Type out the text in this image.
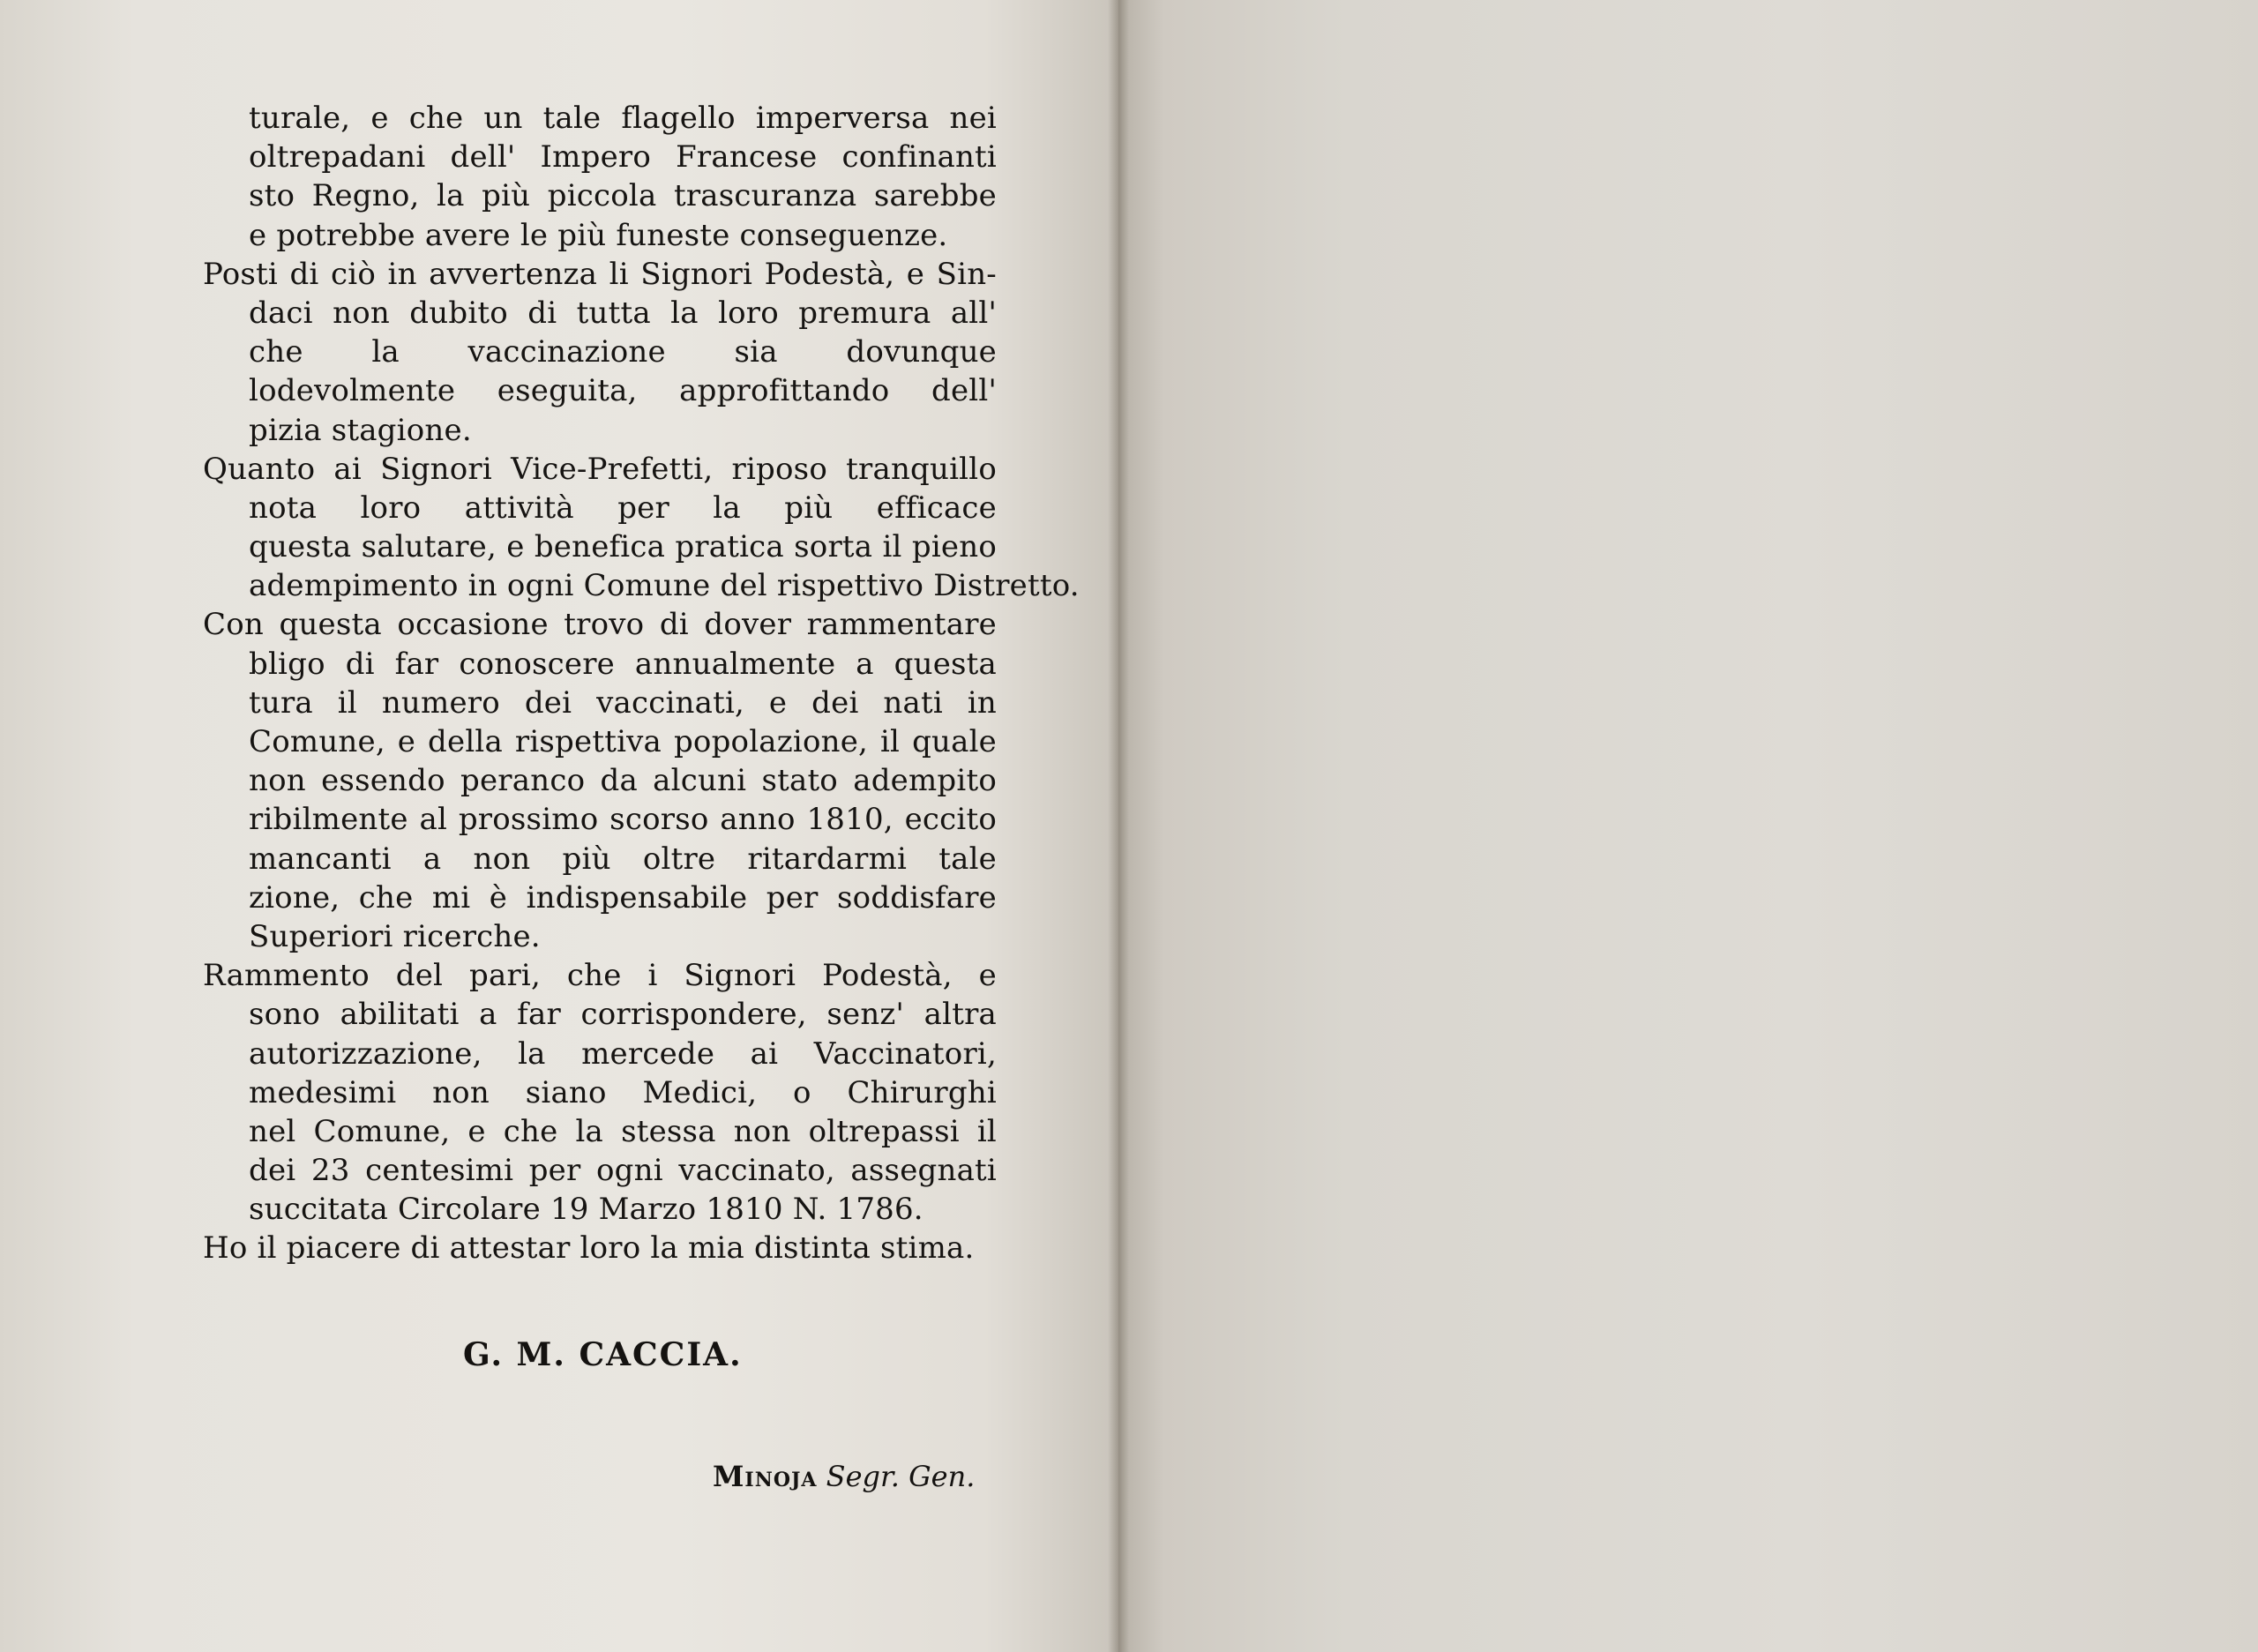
turale, e che un tale flagello imperversa nei
oltrepadani dell' Impero Francese confinanti
sto Regno, la più piccola trascuranza sarebbe
e potrebbe avere le più funeste conseguenze.
Posti di ciò in avvertenza li Signori Podestà, e Sin-
daci non dubito di tutta la loro premura all'
che la vaccinazione sia dovunque
lodevolmente eseguita, approfittando dell'
pizia stagione.
Quanto ai Signori Vice-Prefetti, riposo tranquillo
nota loro attività per la più efficace
questa salutare, e benefica pratica sorta il pieno
adempimento in ogni Comune del rispettivo Distretto.
Con questa occasione trovo di dover rammentare
bligo di far conoscere annualmente a questa
tura il numero dei vaccinati, e dei nati in
Comune, e della rispettiva popolazione, il quale
non essendo peranco da alcuni stato adempito
ribilmente al prossimo scorso anno 1810, eccito
mancanti a non più oltre ritardarmi tale
zione, che mi è indispensabile per soddisfare
Superiori ricerche.
Rammento del pari, che i Signori Podestà, e
sono abilitati a far corrispondere, senz' altra
autorizzazione, la mercede ai Vaccinatori,
medesimi non siano Medici, o Chirurghi
nel Comune, e che la stessa non oltrepassi il
dei 23 centesimi per ogni vaccinato, assegnati
succitata Circolare 19 Marzo 1810 N. 1786.
Ho il piacere di attestar loro la mia distinta stima.
G. M. CACCIA.
Minoja Segr. Gen.
